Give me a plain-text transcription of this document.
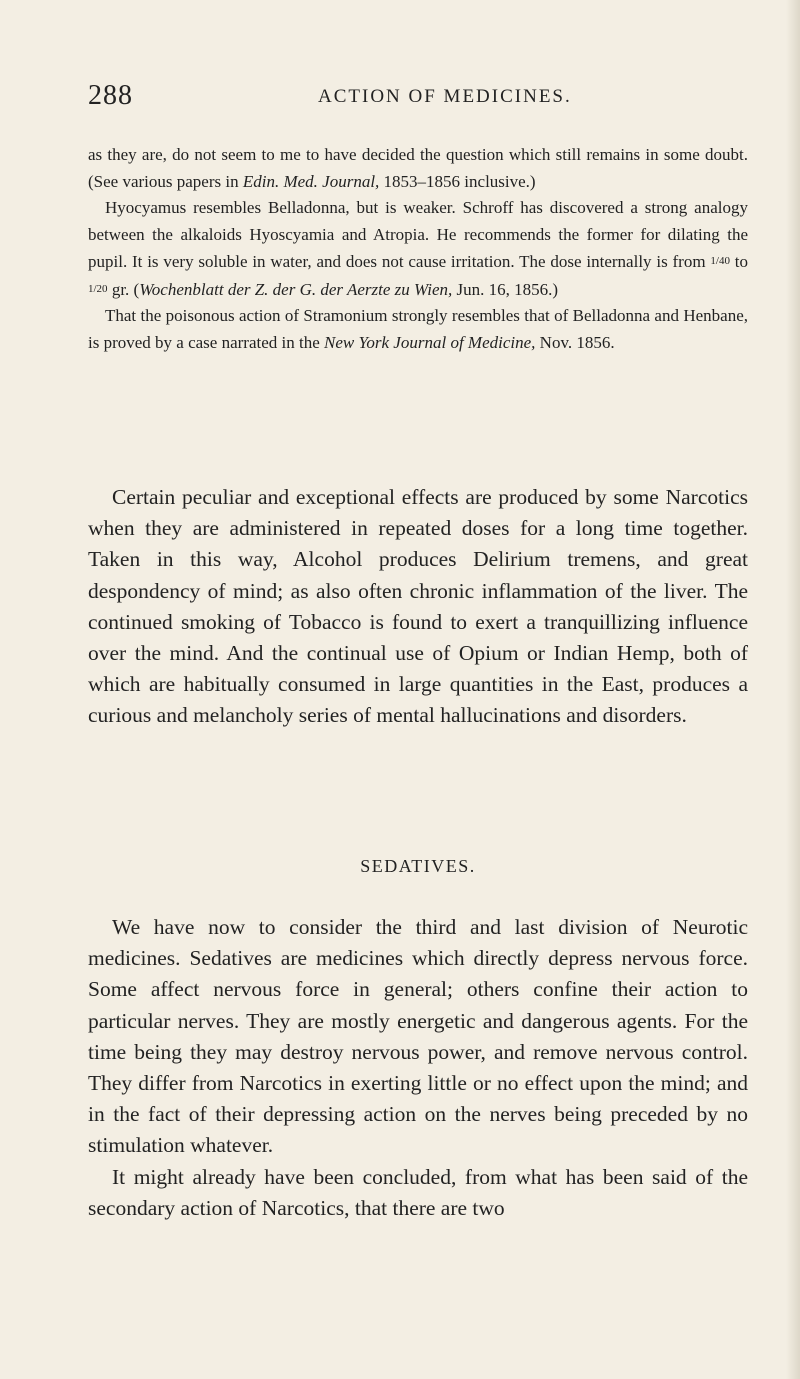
288	ACTION OF MEDICINES.

as they are, do not seem to me to have decided the question which still remains in some doubt. (See various papers in Edin. Med. Journal, 1853–1856 inclusive.)

 Hyocyamus resembles Belladonna, but is weaker. Schroff has discovered a strong analogy between the alkaloids Hyoscyamia and Atropia. He recommends the former for dilating the pupil. It is very soluble in water, and does not cause irritation. The dose internally is from 1/40 to 1/20 gr. (Wochenblatt der Z. der G. der Aerzte zu Wien, Jun. 16, 1856.)

 That the poisonous action of Stramonium strongly resembles that of Belladonna and Henbane, is proved by a case narrated in the New York Journal of Medicine, Nov. 1856.

Certain peculiar and exceptional effects are produced by some Narcotics when they are administered in repeated doses for a long time together. Taken in this way, Alcohol produces Delirium tremens, and great despondency of mind; as also often chronic inflammation of the liver. The continued smoking of Tobacco is found to exert a tranquillizing influence over the mind. And the continual use of Opium or Indian Hemp, both of which are habitually consumed in large quantities in the East, produces a curious and melancholy series of mental hallucinations and disorders.

SEDATIVES.

We have now to consider the third and last division of Neurotic medicines. Sedatives are medicines which directly depress nervous force. Some affect nervous force in general; others confine their action to particular nerves. They are mostly energetic and dangerous agents. For the time being they may destroy nervous power, and remove nervous control. They differ from Narcotics in exerting little or no effect upon the mind; and in the fact of their depressing action on the nerves being preceded by no stimulation whatever.

It might already have been concluded, from what has been said of the secondary action of Narcotics, that there are two
